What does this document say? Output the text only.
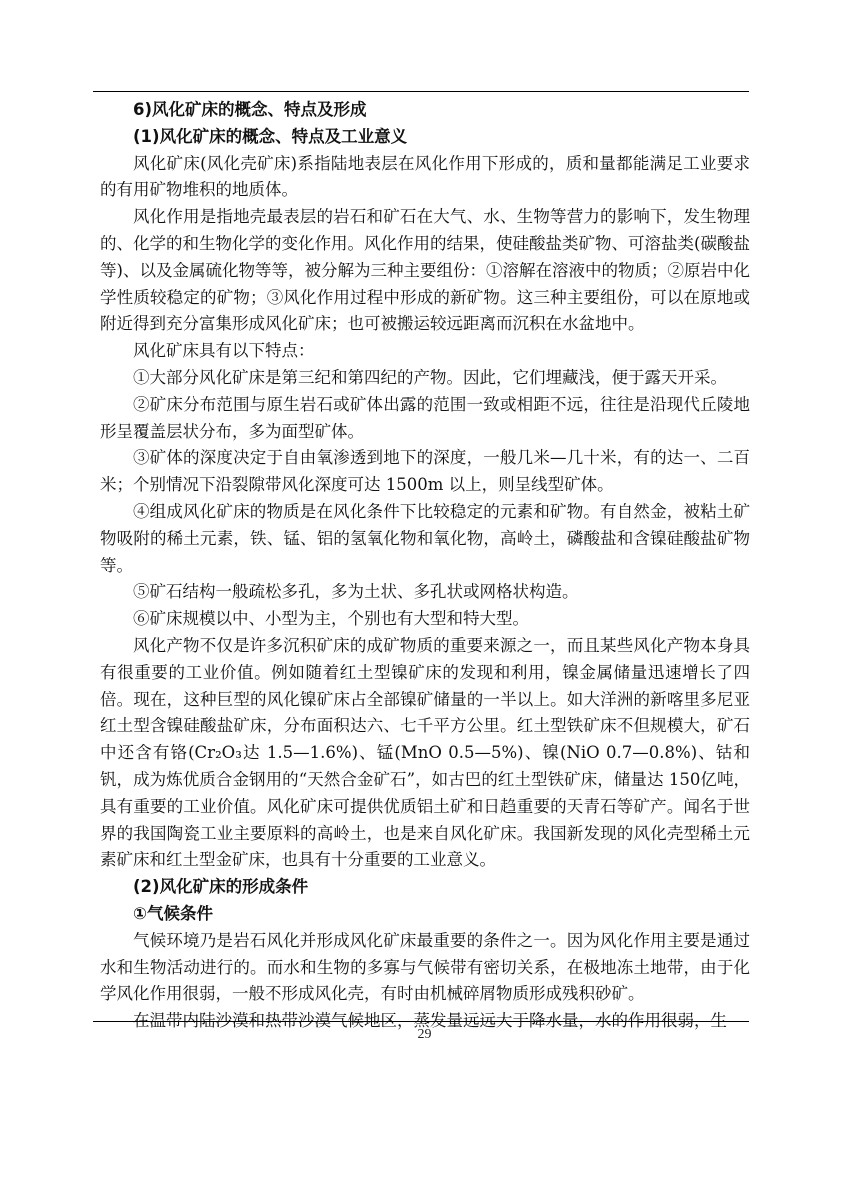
6)风化矿床的概念、特点及形成

(1)风化矿床的概念、特点及工业意义

风化矿床(风化壳矿床)系指陆地表层在风化作用下形成的，质和量都能满足工业要求的有用矿物堆积的地质体。

风化作用是指地壳最表层的岩石和矿石在大气、水、生物等营力的影响下，发生物理的、化学的和生物化学的变化作用。风化作用的结果，使硅酸盐类矿物、可溶盐类(碳酸盐等)、以及金属硫化物等等，被分解为三种主要组份：①溶解在溶液中的物质；②原岩中化学性质较稳定的矿物；③风化作用过程中形成的新矿物。这三种主要组份，可以在原地或附近得到充分富集形成风化矿床；也可被搬运较远距离而沉积在水盆地中。

风化矿床具有以下特点：

①大部分风化矿床是第三纪和第四纪的产物。因此，它们埋藏浅，便于露天开采。

②矿床分布范围与原生岩石或矿体出露的范围一致或相距不远，往往是沿现代丘陵地形呈覆盖层状分布，多为面型矿体。

③矿体的深度决定于自由氧渗透到地下的深度，一般几米—几十米，有的达一、二百米；个别情况下沿裂隙带风化深度可达 1500m 以上，则呈线型矿体。

④组成风化矿床的物质是在风化条件下比较稳定的元素和矿物。有自然金，被粘土矿物吸附的稀土元素，铁、锰、铝的氢氧化物和氧化物，高岭土，磷酸盐和含镍硅酸盐矿物等。

⑤矿石结构一般疏松多孔，多为土状、多孔状或网格状构造。

⑥矿床规模以中、小型为主，个别也有大型和特大型。

风化产物不仅是许多沉积矿床的成矿物质的重要来源之一，而且某些风化产物本身具有很重要的工业价值。例如随着红土型镍矿床的发现和利用，镍金属储量迅速增长了四倍。现在，这种巨型的风化镍矿床占全部镍矿储量的一半以上。如大洋洲的新喀里多尼亚红土型含镍硅酸盐矿床，分布面积达六、七千平方公里。红土型铁矿床不但规模大，矿石中还含有铬(Cr₂O₃达 1.5—1.6%)、锰(MnO 0.5—5%)、镍(NiO 0.7—0.8%)、钴和钒，成为炼优质合金钢用的“天然合金矿石”，如古巴的红土型铁矿床，储量达 150亿吨，具有重要的工业价值。风化矿床可提供优质铝土矿和日趋重要的天青石等矿产。闻名于世界的我国陶瓷工业主要原料的高岭土，也是来自风化矿床。我国新发现的风化壳型稀土元素矿床和红土型金矿床，也具有十分重要的工业意义。

(2)风化矿床的形成条件

①气候条件

气候环境乃是岩石风化并形成风化矿床最重要的条件之一。因为风化作用主要是通过水和生物活动进行的。而水和生物的多寡与气候带有密切关系，在极地冻土地带，由于化学风化作用很弱，一般不形成风化壳，有时由机械碎屑物质形成残积砂矿。

在温带内陆沙漠和热带沙漠气候地区，蒸发量远远大于降水量，水的作用很弱，生

29
